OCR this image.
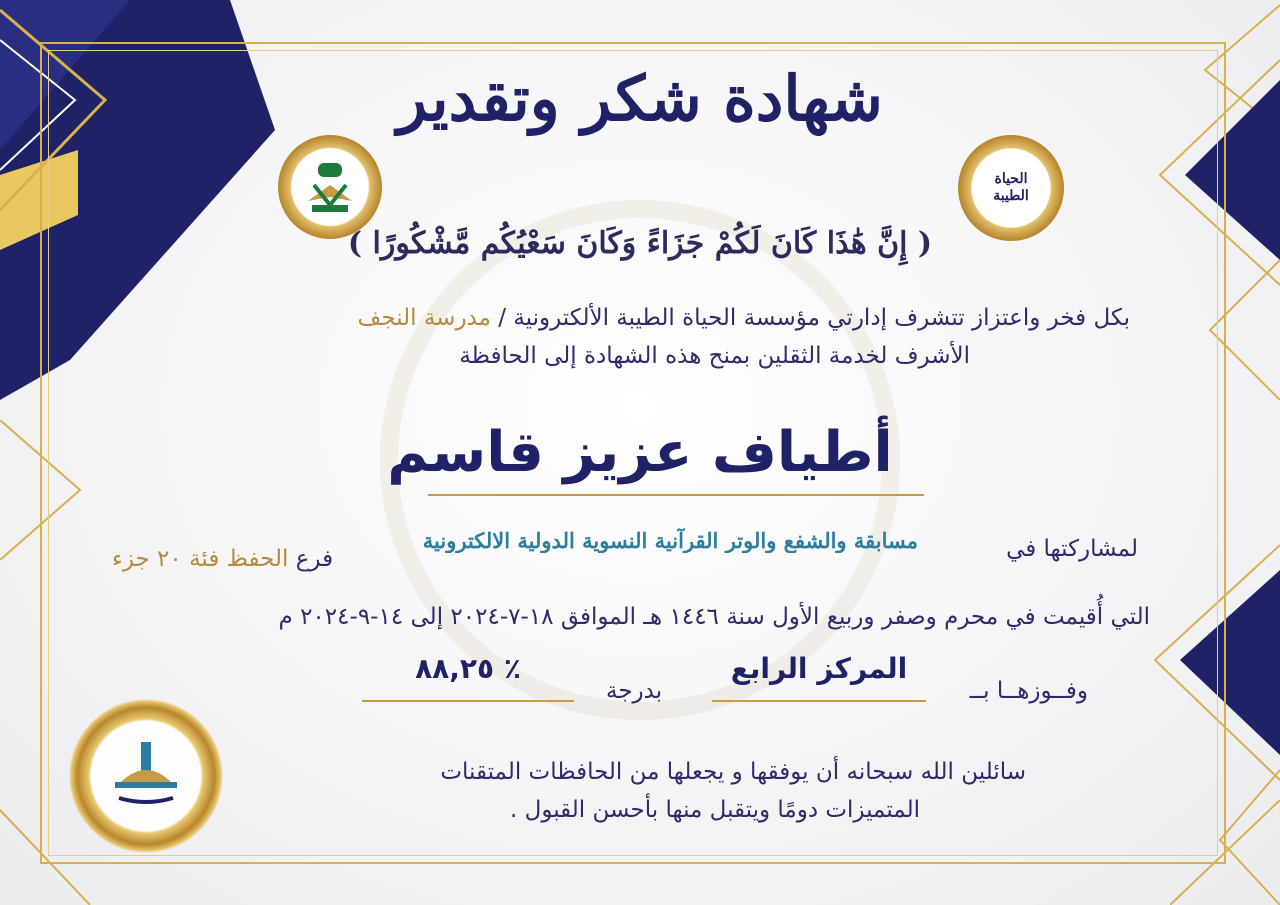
الحياة الطيبة
شهادة شكر وتقدير
( إِنَّ هَٰذَا كَانَ لَكُمْ جَزَاءً وَكَانَ سَعْيُكُم مَّشْكُورًا )
بكل فخر واعتزاز تتشرف إدارتي مؤسسة الحياة الطيبة الألكترونية / مدرسة النجف
الأشرف لخدمة الثقلين بمنح هذه الشهادة إلى الحافظة
أطياف عزيز قاسم
لمشاركتها في
مسابقة والشفع والوتر القرآنية النسوية الدولية الالكترونية
فرع الحفظ فئة ٢٠ جزء
التي أُقيمت في محرم وصفر وربيع الأول سنة ١٤٤٦ هـ الموافق ١٨-٧-٢٠٢٤ إلى ١٤-٩-٢٠٢٤ م
وفــوزهــا بــ
المركز الرابع
بدرجة
٨٨,٢٥ ٪
سائلين الله سبحانه أن يوفقها و يجعلها من الحافظات المتقنات
المتميزات دومًا ويتقبل منها بأحسن القبول .
